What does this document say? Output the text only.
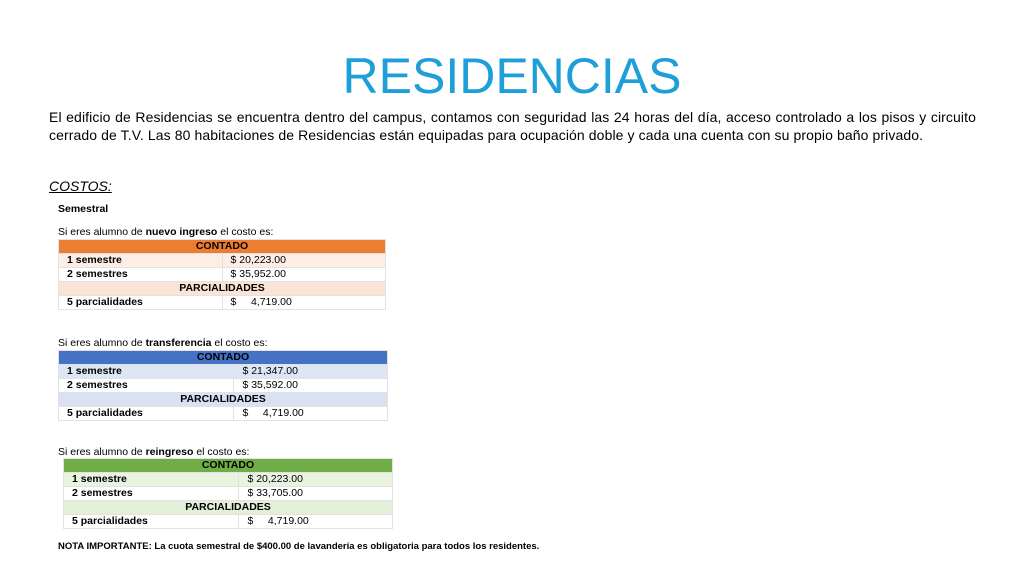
RESIDENCIAS

El edificio de Residencias se encuentra dentro del campus, contamos con seguridad las 24 horas del día, acceso controlado a los pisos y circuito cerrado de T.V. Las 80 habitaciones de Residencias están equipadas para ocupación doble y cada una cuenta con su propio baño privado.

COSTOS:

Semestral
Si eres alumno de nuevo ingreso el costo es:
CONTADO	
1 semestre	$ 20,223.00
2 semestres	$ 35,952.00
PARCIALIDADES	
5 parcialidades	$     4,719.00
Si eres alumno de transferencia el costo es:
CONTADO	
1 semestre	$ 21,347.00
2 semestres	$ 35,592.00
PARCIALIDADES	
5 parcialidades	$     4,719.00
Si eres alumno de reingreso el costo es:
CONTADO	
1 semestre	$ 20,223.00
2 semestres	$ 33,705.00
PARCIALIDADES	
5 parcialidades	$     4,719.00
NOTA IMPORTANTE: La cuota semestral de $400.00 de lavandería es obligatoria para todos los residentes.
